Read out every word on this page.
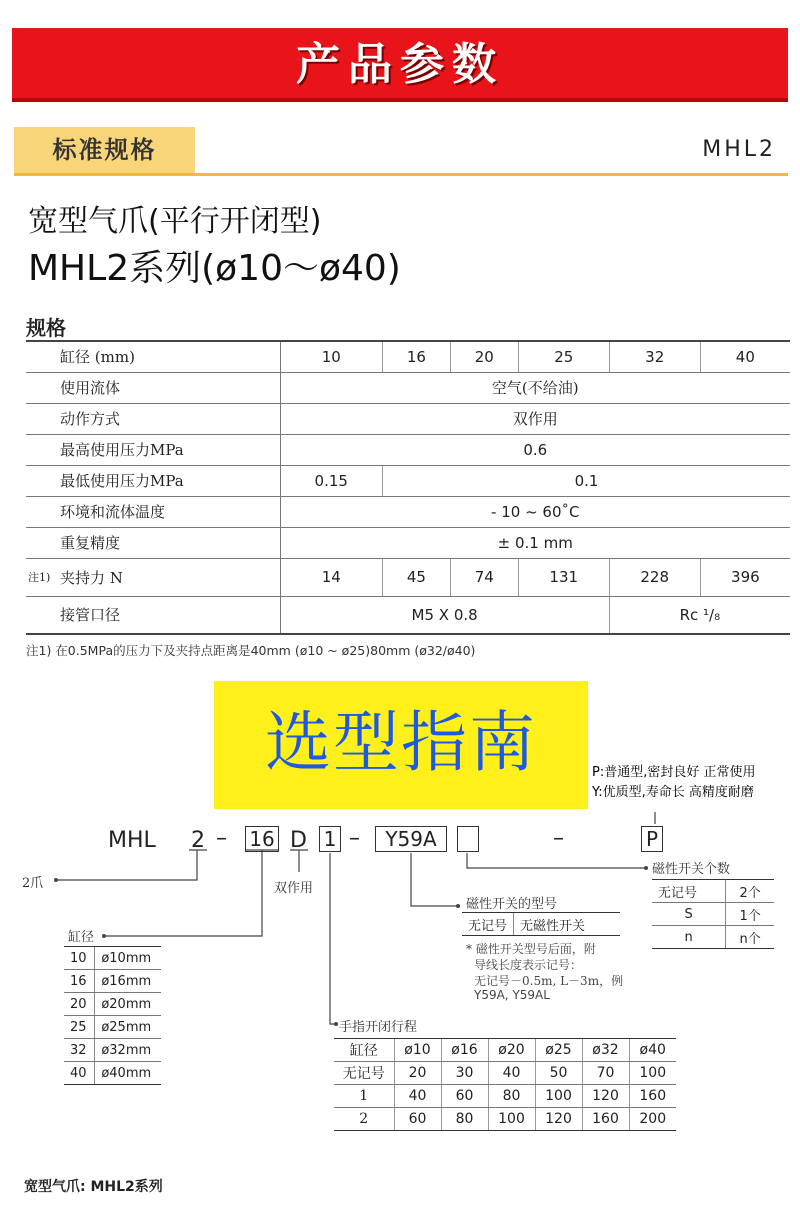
产品参数
标准规格	MHL2
宽型气爪(平行开闭型)
MHL2系列(ø10～ø40)
规格
缸径 (mm)	10	16	20	25	32	40
使用流体	空气(不给油)					
动作方式	双作用					
最高使用压力MPa	0.6					
最低使用压力MPa	0.15	0.1				
环境和流体温度	- 10 ~ 60˚C					
重复精度	± 0.1 mm					

注1) 夹持力 N	14	45	74	131	228	396
接管口径	M5 X 0.8				Rc ¹/₈	
注1) 在0.5MPa的压力下及夹持点距离是40mm (ø10 ~ ø25)80mm (ø32/ø40)
选型指南	P:普通型,密封良好 正常使用
Y:优质型,寿命长 高精度耐磨
MHL 2 – 16 D 1 –	Y59A	–	P
2爪	双作用
磁性开关的型号
无记号	无磁性开关
* 磁性开关型号后面，附
导线长度表示记号：
无记号－0.5m, L－3m，例
Y59A, Y59AL
磁性开关个数
无记号	2个
S	1个
n	n个
缸径
10	ø10mm
16	ø16mm
20	ø20mm
25	ø25mm
32	ø32mm
40	ø40mm
手指开闭行程
缸径	ø10	ø16	ø20	ø25	ø32	ø40
无记号	20	30	40	50	70	100
1	40	60	80	100	120	160
2	60	80	100	120	160	200
宽型气爪: MHL2系列
